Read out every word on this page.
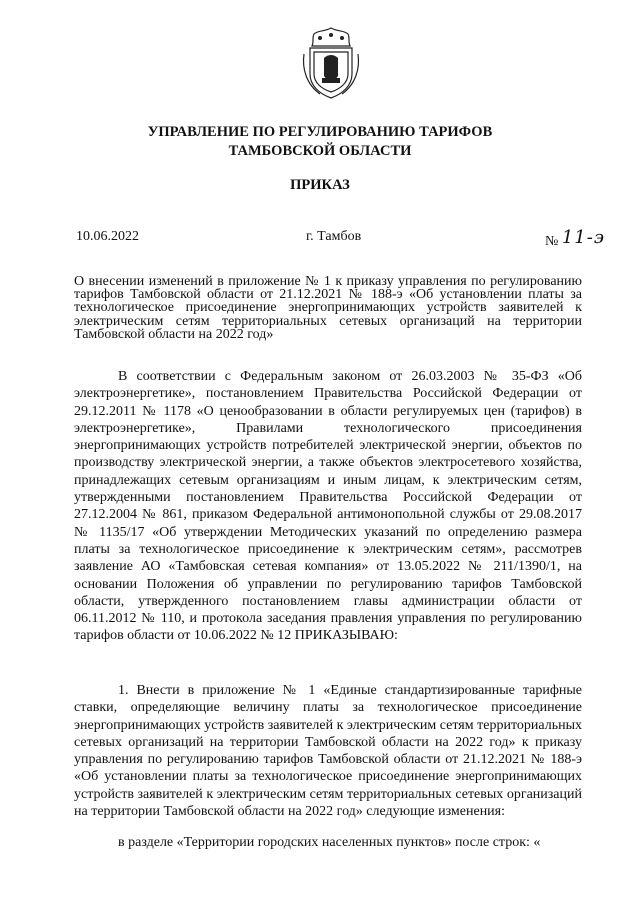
УПРАВЛЕНИЕ ПО РЕГУЛИРОВАНИЮ ТАРИФОВ
ТАМБОВСКОЙ ОБЛАСТИ
ПРИКАЗ
10.06.2022	г. Тамбов	№ 11-э
О внесении изменений в приложение № 1 к приказу управления по регулированию тарифов Тамбовской области от 21.12.2021 № 188-э «Об установлении платы за технологическое присоединение энергопринимающих устройств заявителей к электрическим сетям территориальных сетевых организаций на территории Тамбовской области на 2022 год»

В соответствии с Федеральным законом от 26.03.2003 № 35-ФЗ «Об электроэнергетике», постановлением Правительства Российской Федерации от 29.12.2011 № 1178 «О ценообразовании в области регулируемых цен (тарифов) в электроэнергетике», Правилами технологического присоединения энергопринимающих устройств потребителей электрической энергии, объектов по производству электрической энергии, а также объектов электросетевого хозяйства, принадлежащих сетевым организациям и иным лицам, к электрическим сетям, утвержденными постановлением Правительства Российской Федерации от 27.12.2004 № 861, приказом Федеральной антимонопольной службы от 29.08.2017 № 1135/17 «Об утверждении Методических указаний по определению размера платы за технологическое присоединение к электрическим сетям», рассмотрев заявление АО «Тамбовская сетевая компания» от 13.05.2022 № 211/1390/1, на основании Положения об управлении по регулированию тарифов Тамбовской области, утвержденного постановлением главы администрации области от 06.11.2012 № 110, и протокола заседания правления управления по регулированию тарифов области от 10.06.2022 № 12 ПРИКАЗЫВАЮ:

1. Внести в приложение № 1 «Единые стандартизированные тарифные ставки, определяющие величину платы за технологическое присоединение энергопринимающих устройств заявителей к электрическим сетям территориальных сетевых организаций на территории Тамбовской области на 2022 год» к приказу управления по регулированию тарифов Тамбовской области от 21.12.2021 № 188-э «Об установлении платы за технологическое присоединение энергопринимающих устройств заявителей к электрическим сетям территориальных сетевых организаций на территории Тамбовской области на 2022 год» следующие изменения:

в разделе «Территории городских населенных пунктов» после строк: «
